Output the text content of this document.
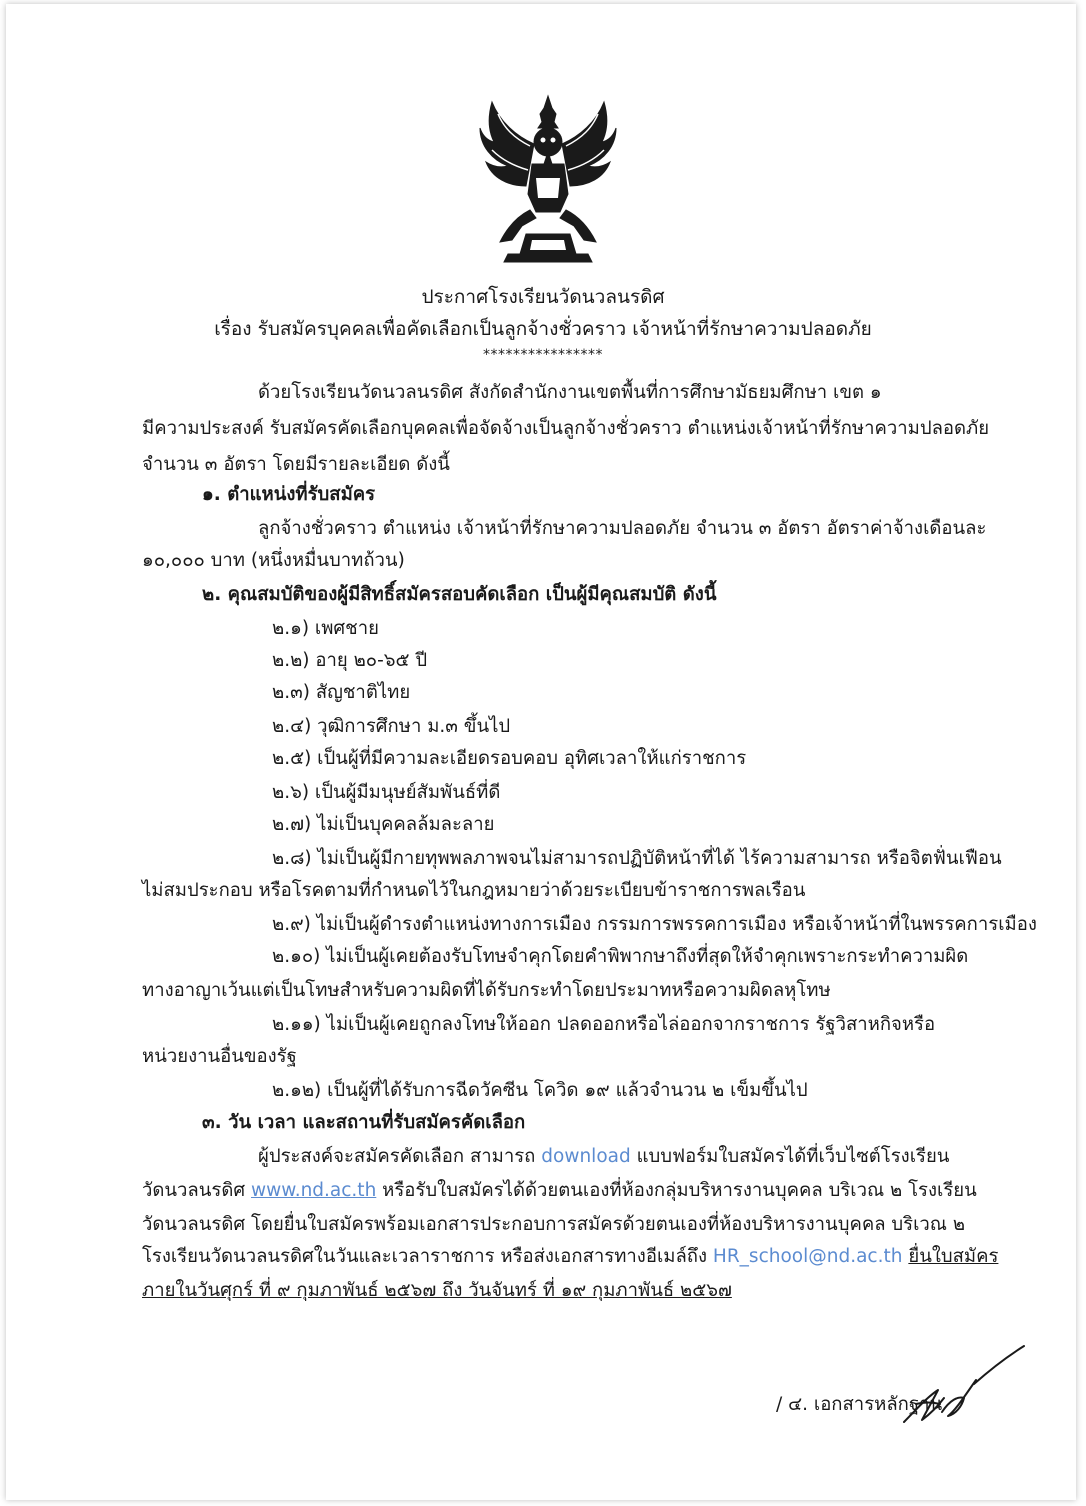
ประกาศโรงเรียนวัดนวลนรดิศ
เรื่อง รับสมัครบุคคลเพื่อคัดเลือกเป็นลูกจ้างชั่วคราว เจ้าหน้าที่รักษาความปลอดภัย
****************
ด้วยโรงเรียนวัดนวลนรดิศ สังกัดสำนักงานเขตพื้นที่การศึกษามัธยมศึกษา เขต ๑
มีความประสงค์ รับสมัครคัดเลือกบุคคลเพื่อจัดจ้างเป็นลูกจ้างชั่วคราว ตำแหน่งเจ้าหน้าที่รักษาความปลอดภัย
จำนวน ๓ อัตรา โดยมีรายละเอียด ดังนี้
๑. ตำแหน่งที่รับสมัคร
ลูกจ้างชั่วคราว ตำแหน่ง เจ้าหน้าที่รักษาความปลอดภัย จำนวน ๓ อัตรา อัตราค่าจ้างเดือนละ
๑๐,๐๐๐ บาท (หนึ่งหมื่นบาทถ้วน)
๒. คุณสมบัติของผู้มีสิทธิ์สมัครสอบคัดเลือก เป็นผู้มีคุณสมบัติ ดังนี้
๒.๑) เพศชาย
๒.๒) อายุ ๒๐-๖๕ ปี
๒.๓) สัญชาติไทย
๒.๔) วุฒิการศึกษา ม.๓ ขึ้นไป
๒.๕) เป็นผู้ที่มีความละเอียดรอบคอบ อุทิศเวลาให้แก่ราชการ
๒.๖) เป็นผู้มีมนุษย์สัมพันธ์ที่ดี
๒.๗) ไม่เป็นบุคคลล้มละลาย
๒.๘) ไม่เป็นผู้มีกายทุพพลภาพจนไม่สามารถปฏิบัติหน้าที่ได้ ไร้ความสามารถ หรือจิตฟั่นเฟือน
ไม่สมประกอบ หรือโรคตามที่กำหนดไว้ในกฎหมายว่าด้วยระเบียบข้าราชการพลเรือน
๒.๙) ไม่เป็นผู้ดำรงตำแหน่งทางการเมือง กรรมการพรรคการเมือง หรือเจ้าหน้าที่ในพรรคการเมือง
๒.๑๐) ไม่เป็นผู้เคยต้องรับโทษจำคุกโดยคำพิพากษาถึงที่สุดให้จำคุกเพราะกระทำความผิด
ทางอาญาเว้นแต่เป็นโทษสำหรับความผิดที่ได้รับกระทำโดยประมาทหรือความผิดลหุโทษ
๒.๑๑) ไม่เป็นผู้เคยถูกลงโทษให้ออก ปลดออกหรือไล่ออกจากราชการ รัฐวิสาหกิจหรือ
หน่วยงานอื่นของรัฐ
๒.๑๒) เป็นผู้ที่ได้รับการฉีดวัคซีน โควิด ๑๙ แล้วจำนวน ๒ เข็มขึ้นไป
๓. วัน เวลา และสถานที่รับสมัครคัดเลือก
ผู้ประสงค์จะสมัครคัดเลือก สามารถ download แบบฟอร์มใบสมัครได้ที่เว็บไซต์โรงเรียน
วัดนวลนรดิศ www.nd.ac.th หรือรับใบสมัครได้ด้วยตนเองที่ห้องกลุ่มบริหารงานบุคคล บริเวณ ๒ โรงเรียน
วัดนวลนรดิศ โดยยื่นใบสมัครพร้อมเอกสารประกอบการสมัครด้วยตนเองที่ห้องบริหารงานบุคคล บริเวณ ๒
โรงเรียนวัดนวลนรดิศในวันและเวลาราชการ หรือส่งเอกสารทางอีเมล์ถึง HR_school@nd.ac.th ยื่นใบสมัคร
ภายในวันศุกร์ ที่ ๙ กุมภาพันธ์ ๒๕๖๗ ถึง วันจันทร์ ที่ ๑๙ กุมภาพันธ์ ๒๕๖๗
/ ๔. เอกสารหลักฐาน
